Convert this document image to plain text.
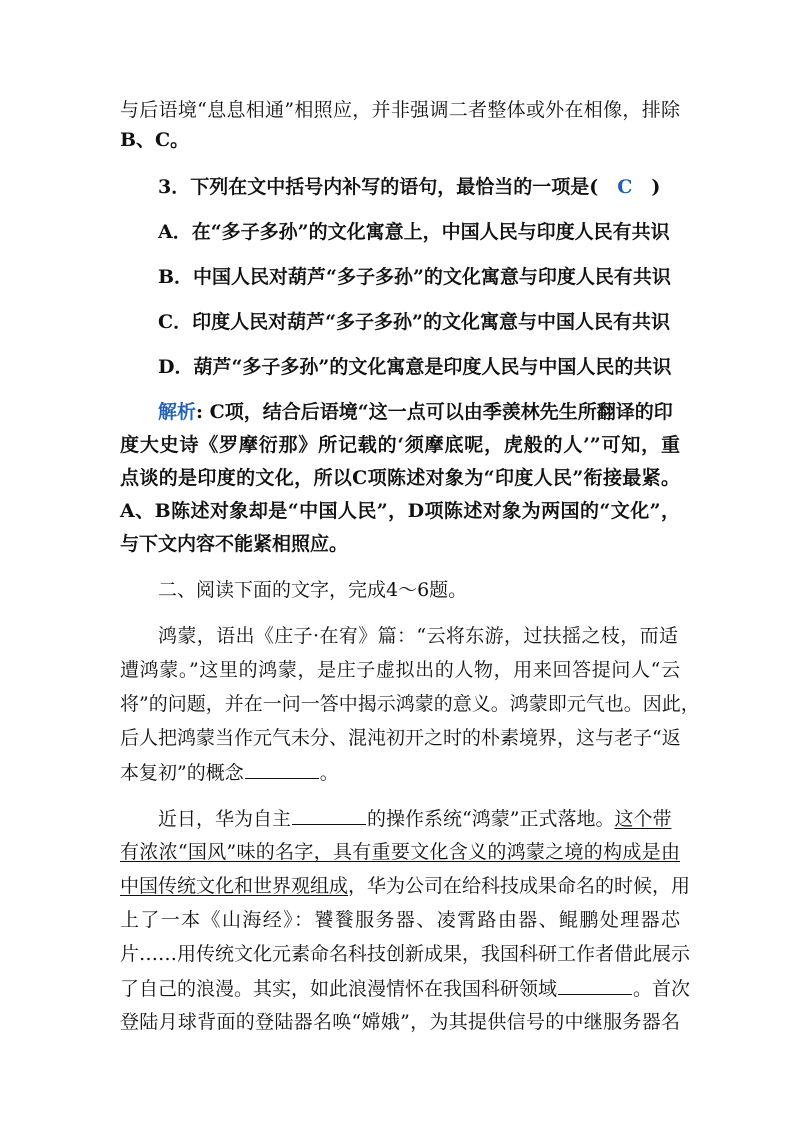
与后语境“息息相通”相照应，并非强调二者整体或外在相像，排除
B、C。
3．下列在文中括号内补写的语句，最恰当的一项是(　C　)
A．在“多子多孙”的文化寓意上，中国人民与印度人民有共识
B．中国人民对葫芦“多子多孙”的文化寓意与印度人民有共识
C．印度人民对葫芦“多子多孙”的文化寓意与中国人民有共识
D．葫芦“多子多孙”的文化寓意是印度人民与中国人民的共识
解析: C项，结合后语境“这一点可以由季羡林先生所翻译的印
度大史诗《罗摩衍那》所记载的‘须摩底呢，虎般的人’”可知，重
点谈的是印度的文化，所以C项陈述对象为“印度人民”衔接最紧。
A、B陈述对象却是“中国人民”，D项陈述对象为两国的“文化”，
与下文内容不能紧相照应。
二、阅读下面的文字，完成4～6题。
鸿蒙，语出《庄子·在宥》篇：“云将东游，过扶摇之枝，而适
遭鸿蒙。”这里的鸿蒙，是庄子虚拟出的人物，用来回答提问人“云
将”的问题，并在一问一答中揭示鸿蒙的意义。鸿蒙即元气也。因此，
后人把鸿蒙当作元气未分、混沌初开之时的朴素境界，这与老子“返
本复初”的概念	。
近日，华为自主	的操作系统“鸿蒙”正式落地。这个带
有浓浓“国风”味的名字，具有重要文化含义的鸿蒙之境的构成是由
中国传统文化和世界观组成，华为公司在给科技成果命名的时候，用
上了一本《山海经》：饕餮服务器、凌霄路由器、鲲鹏处理器芯
片……用传统文化元素命名科技创新成果，我国科研工作者借此展示
了自己的浪漫。其实，如此浪漫情怀在我国科研领域	。首次
登陆月球背面的登陆器名唤“嫦娥”，为其提供信号的中继服务器名
